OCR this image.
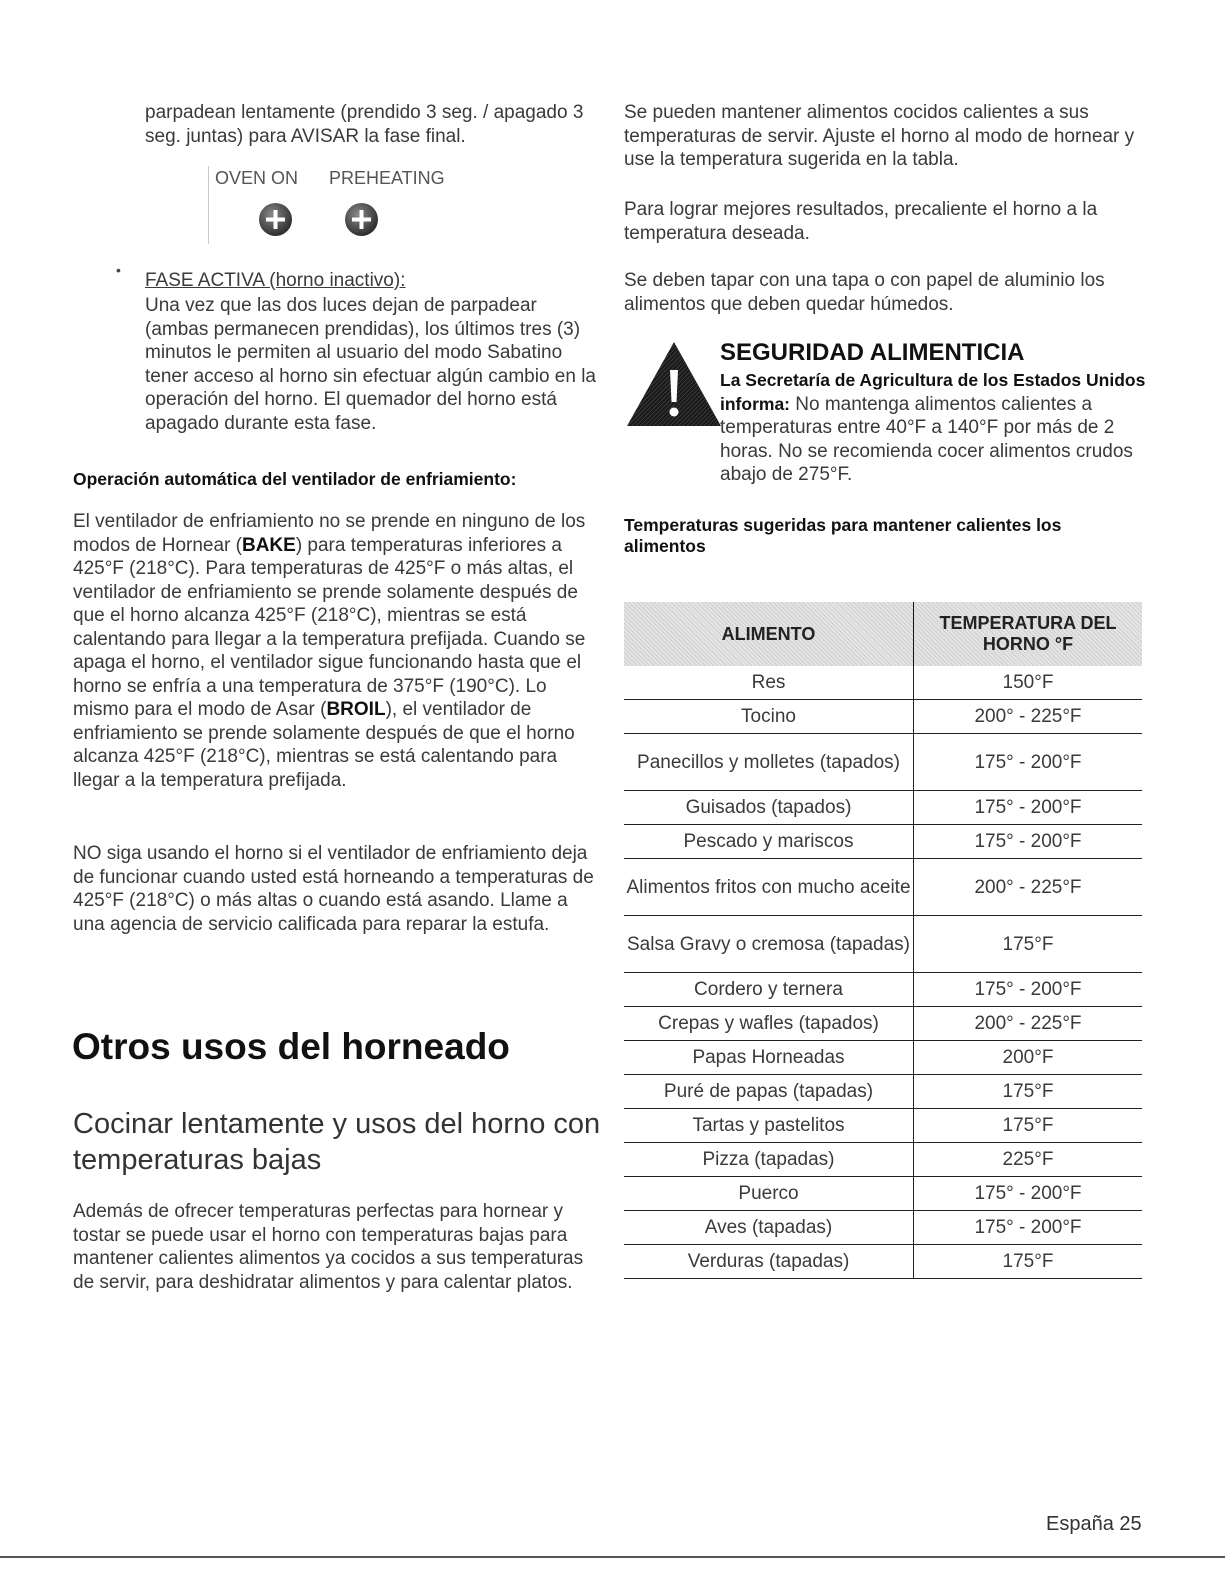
parpadean lentamente (prendido 3 seg. / apagado 3 seg. juntas) para AVISAR la fase final.

OVEN ON PREHEATING
• FASE ACTIVA (horno inactivo):

Una vez que las dos luces dejan de parpadear (ambas permanecen prendidas), los últimos tres (3) minutos le permiten al usuario del modo Sabatino tener acceso al horno sin efectuar algún cambio en la operación del horno. El quemador del horno está apagado durante esta fase.

Operación automática del ventilador de enfriamiento:

El ventilador de enfriamiento no se prende en ninguno de los modos de Hornear (BAKE) para temperaturas inferiores a 425°F (218°C). Para temperaturas de 425°F o más altas, el ventilador de enfriamiento se prende solamente después de que el horno alcanza 425°F (218°C), mientras se está calentando para llegar a la temperatura prefijada. Cuando se apaga el horno, el ventilador sigue funcionando hasta que el horno se enfría a una temperatura de 375°F (190°C). Lo mismo para el modo de Asar (BROIL), el ventilador de enfriamiento se prende solamente después de que el horno alcanza 425°F (218°C), mientras se está calentando para llegar a la temperatura prefijada.

NO siga usando el horno si el ventilador de enfriamiento deja de funcionar cuando usted está horneando a temperaturas de 425°F (218°C) o más altas o cuando está asando. Llame a una agencia de servicio calificada para reparar la estufa.

Otros usos del horneado
Cocinar lentamente y usos del horno con temperaturas bajas

Además de ofrecer temperaturas perfectas para hornear y tostar se puede usar el horno con temperaturas bajas para mantener calientes alimentos ya cocidos a sus temperaturas de servir, para deshidratar alimentos y para calentar platos.

Se pueden mantener alimentos cocidos calientes a sus temperaturas de servir. Ajuste el horno al modo de hornear y use la temperatura sugerida en la tabla.

Para lograr mejores resultados, precaliente el horno a la temperatura deseada.

Se deben tapar con una tapa o con papel de aluminio los alimentos que deben quedar húmedos.

SEGURIDAD ALIMENTICIA

La Secretaría de Agricultura de los Estados Unidos informa: No mantenga alimentos calientes a temperaturas entre 40°F a 140°F por más de 2 horas. No se recomienda cocer alimentos crudos abajo de 275°F.

Temperaturas sugeridas para mantener calientes los alimentos
ALIMENTO	TEMPERATURA DEL HORNO °F
Res	150°F
Tocino	200° - 225°F
Panecillos y molletes (tapados)	175° - 200°F
Guisados (tapados)	175° - 200°F
Pescado y mariscos	175° - 200°F
Alimentos fritos con mucho aceite	200° - 225°F
Salsa Gravy o cremosa (tapadas)	175°F
Cordero y ternera	175° - 200°F
Crepas y wafles (tapados)	200° - 225°F
Papas Horneadas	200°F
Puré de papas (tapadas)	175°F
Tartas y pastelitos	175°F
Pizza (tapadas)	225°F
Puerco	175° - 200°F
Aves (tapadas)	175° - 200°F
Verduras (tapadas)	175°F
España 25
